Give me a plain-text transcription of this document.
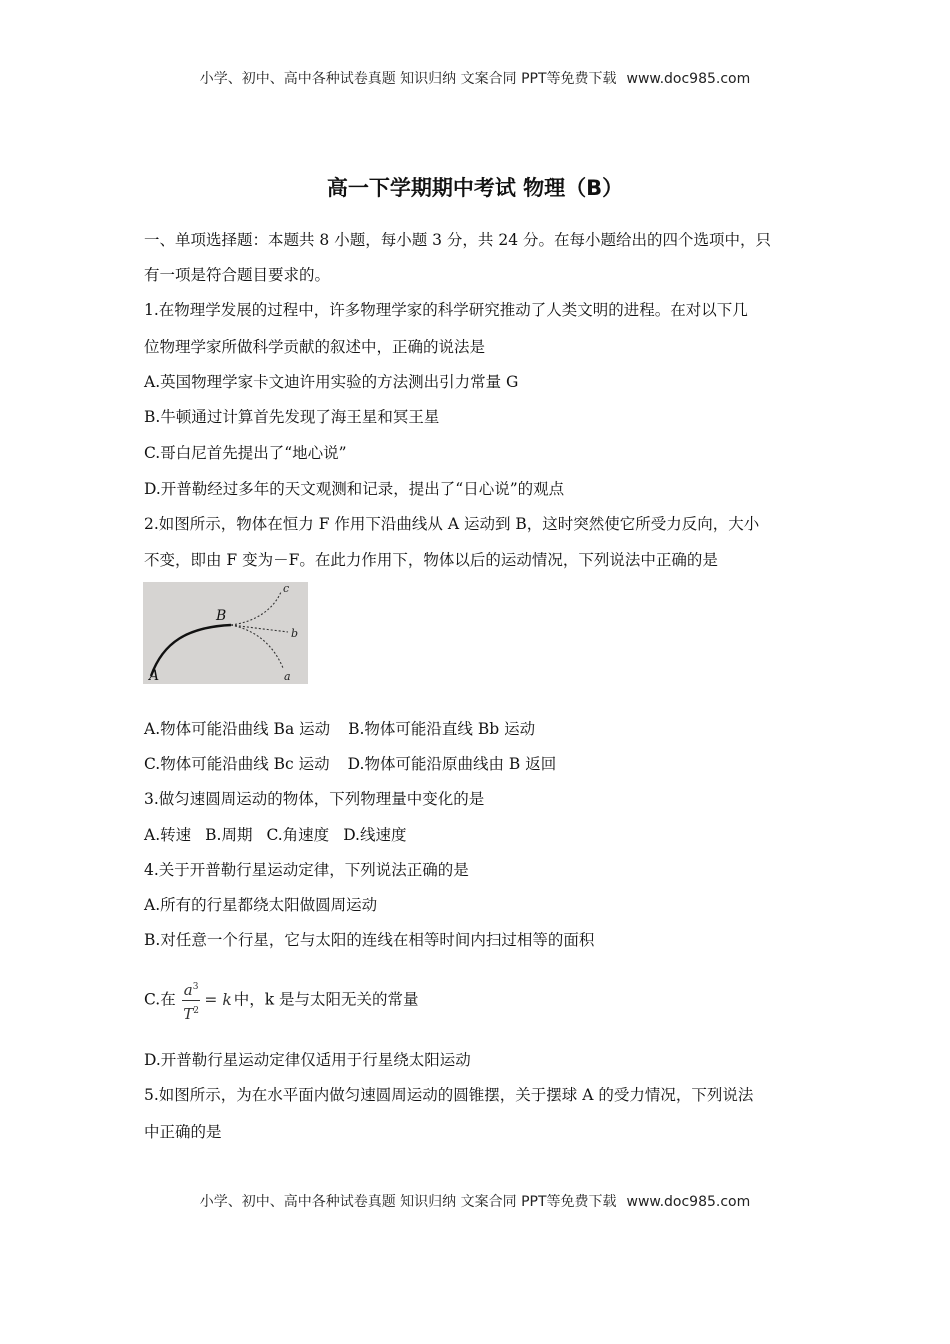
小学、初中、高中各种试卷真题 知识归纳 文案合同 PPT等免费下载 www.doc985.com
高一下学期期中考试 物理（B）
一、单项选择题：本题共 8 小题，每小题 3 分，共 24 分。在每小题给出的四个选项中，只
有一项是符合题目要求的。
1.在物理学发展的过程中，许多物理学家的科学研究推动了人类文明的进程。在对以下几
位物理学家所做科学贡献的叙述中，正确的说法是
A.英国物理学家卡文迪许用实验的方法测出引力常量 G
B.牛顿通过计算首先发现了海王星和冥王星
C.哥白尼首先提出了“地心说”
D.开普勒经过多年的天文观测和记录，提出了“日心说”的观点
2.如图所示，物体在恒力 F 作用下沿曲线从 A 运动到 B，这时突然使它所受力反向，大小
不变，即由 F 变为－F。在此力作用下，物体以后的运动情况，下列说法中正确的是
A
B
c
b
a
A.物体可能沿曲线 Ba 运动 B.物体可能沿直线 Bb 运动
C.物体可能沿曲线 Bc 运动 D.物体可能沿原曲线由 B 返回
3.做匀速圆周运动的物体，下列物理量中变化的是
A.转速 B.周期 C.角速度 D.线速度
4.关于开普勒行星运动定律，下列说法正确的是
A.所有的行星都绕太阳做圆周运动
B.对任意一个行星，它与太阳的连线在相等时间内扫过相等的面积
C.在 $\frac{a^3}{T^2} = k$ 中，k 是与太阳无关的常量
D.开普勒行星运动定律仅适用于行星绕太阳运动
5.如图所示，为在水平面内做匀速圆周运动的圆锥摆，关于摆球 A 的受力情况，下列说法
中正确的是
小学、初中、高中各种试卷真题 知识归纳 文案合同 PPT等免费下载 www.doc985.com
